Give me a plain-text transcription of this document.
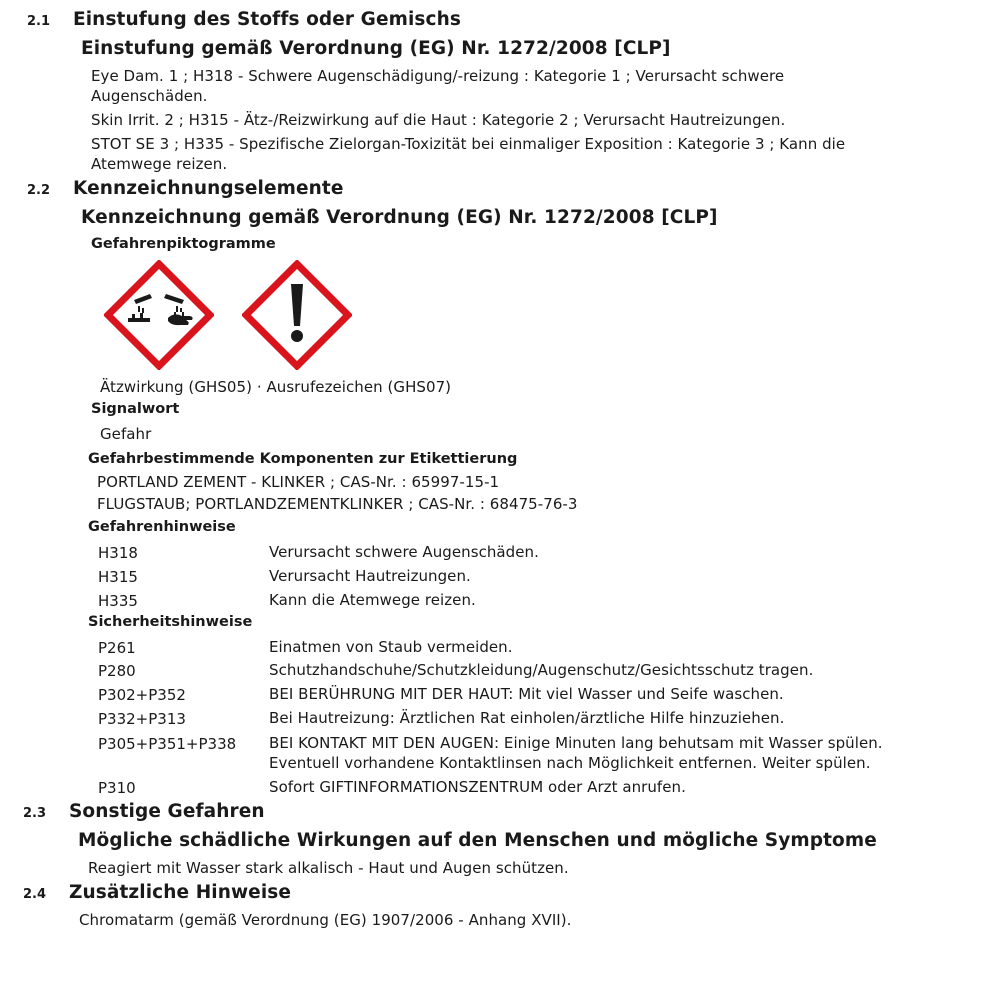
2.1 Einstufung des Stoffs oder Gemischs
Einstufung gemäß Verordnung (EG) Nr. 1272/2008 [CLP]
Eye Dam. 1 ; H318 - Schwere Augenschädigung/-reizung : Kategorie 1 ; Verursacht schwere
Augenschäden.
Skin Irrit. 2 ; H315 - Ätz-/Reizwirkung auf die Haut : Kategorie 2 ; Verursacht Hautreizungen.
STOT SE 3 ; H335 - Spezifische Zielorgan-Toxizität bei einmaliger Exposition : Kategorie 3 ; Kann die
Atemwege reizen.
2.2 Kennzeichnungselemente
Kennzeichnung gemäß Verordnung (EG) Nr. 1272/2008 [CLP]
Gefahrenpiktogramme
Ätzwirkung (GHS05) · Ausrufezeichen (GHS07)
Signalwort
Gefahr
Gefahrbestimmende Komponenten zur Etikettierung
PORTLAND ZEMENT - KLINKER ; CAS-Nr. : 65997-15-1
FLUGSTAUB; PORTLANDZEMENTKLINKER ; CAS-Nr. : 68475-76-3
Gefahrenhinweise
H318	Verursacht schwere Augenschäden.
H315	Verursacht Hautreizungen.
H335	Kann die Atemwege reizen.
Sicherheitshinweise
P261	Einatmen von Staub vermeiden.
P280	Schutzhandschuhe/Schutzkleidung/Augenschutz/Gesichtsschutz tragen.
P302+P352	BEI BERÜHRUNG MIT DER HAUT: Mit viel Wasser und Seife waschen.
P332+P313	Bei Hautreizung: Ärztlichen Rat einholen/ärztliche Hilfe hinzuziehen.
P305+P351+P338 BEI KONTAKT MIT DEN AUGEN: Einige Minuten lang behutsam mit Wasser spülen.
Eventuell vorhandene Kontaktlinsen nach Möglichkeit entfernen. Weiter spülen.
P310	Sofort GIFTINFORMATIONSZENTRUM oder Arzt anrufen.
2.3 Sonstige Gefahren
Mögliche schädliche Wirkungen auf den Menschen und mögliche Symptome
Reagiert mit Wasser stark alkalisch - Haut und Augen schützen.
2.4 Zusätzliche Hinweise
Chromatarm (gemäß Verordnung (EG) 1907/2006 - Anhang XVII).
